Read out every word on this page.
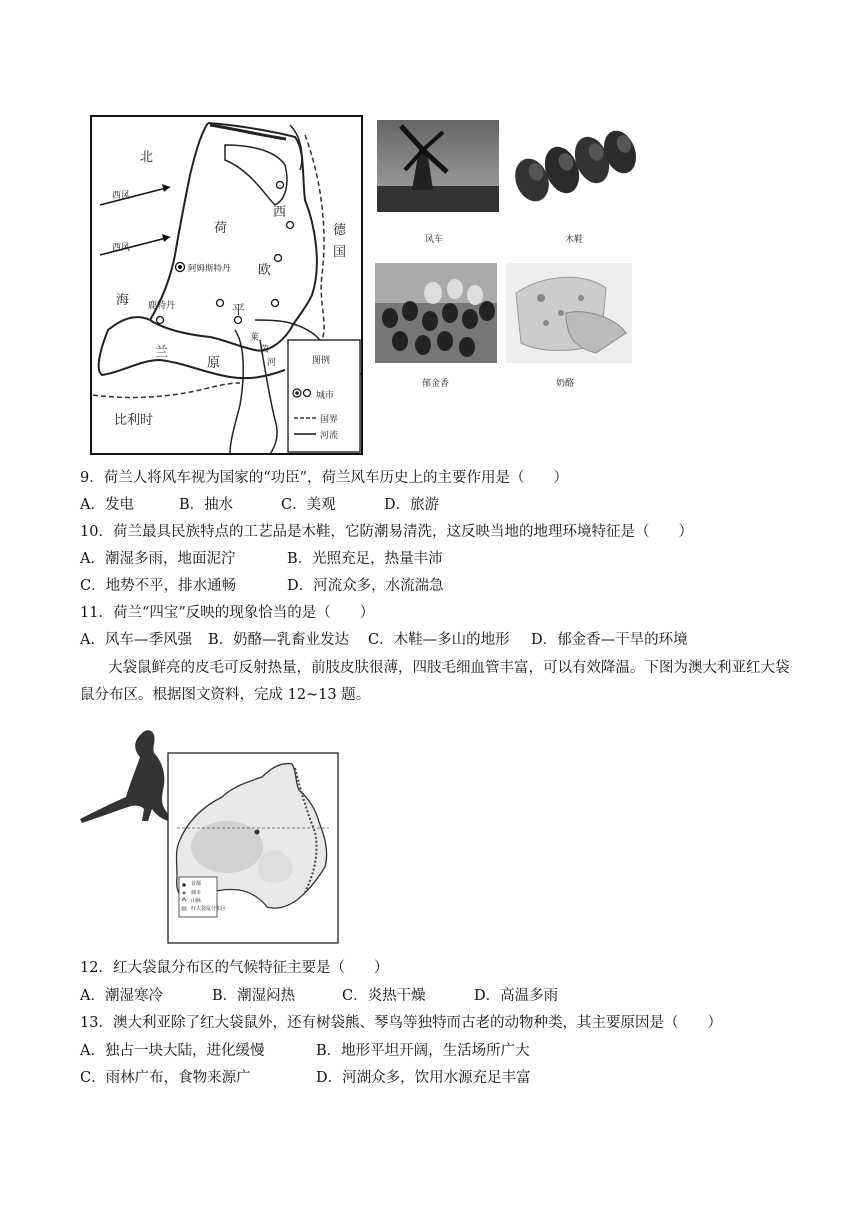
北
西风
西风
海
荷
兰
西
欧
平
原
德
国
阿姆斯特丹
鹿特丹
莱
茵
河
比利时
图例
城市
国界
河流
风车	木鞋
郁金香	奶酪
9．荷兰人将风车视为国家的“功臣”，荷兰风车历史上的主要作用是（　　）
A．发电	B．抽水	C．美观	D．旅游
10．荷兰最具民族特点的工艺品是木鞋，它防潮易清洗，这反映当地的地理环境特征是（　　）
A．潮湿多雨，地面泥泞	B．光照充足，热量丰沛
C．地势不平，排水通畅	D．河流众多，水流湍急
11．荷兰“四宝”反映的现象恰当的是（　　）
A．风车—季风强 B．奶酪—乳畜业发达 C．木鞋—多山的地形 D．郁金香—干旱的环境
大袋鼠鲜亮的皮毛可反射热量，前肢皮肤很薄，四肢毛细血管丰富，可以有效降温。下图为澳大利亚红大袋鼠分布区。根据图文资料，完成 12~13 题。
首都
城市
山脉
红大袋鼠分布区
12．红大袋鼠分布区的气候特征主要是（　　）
A．潮湿寒冷	B．潮湿闷热	C．炎热干燥	D．高温多雨
13．澳大利亚除了红大袋鼠外，还有树袋熊、琴鸟等独特而古老的动物种类，其主要原因是（　　）
A．独占一块大陆，进化缓慢	B．地形平坦开阔，生活场所广大
C．雨林广布，食物来源广	D．河湖众多，饮用水源充足丰富
